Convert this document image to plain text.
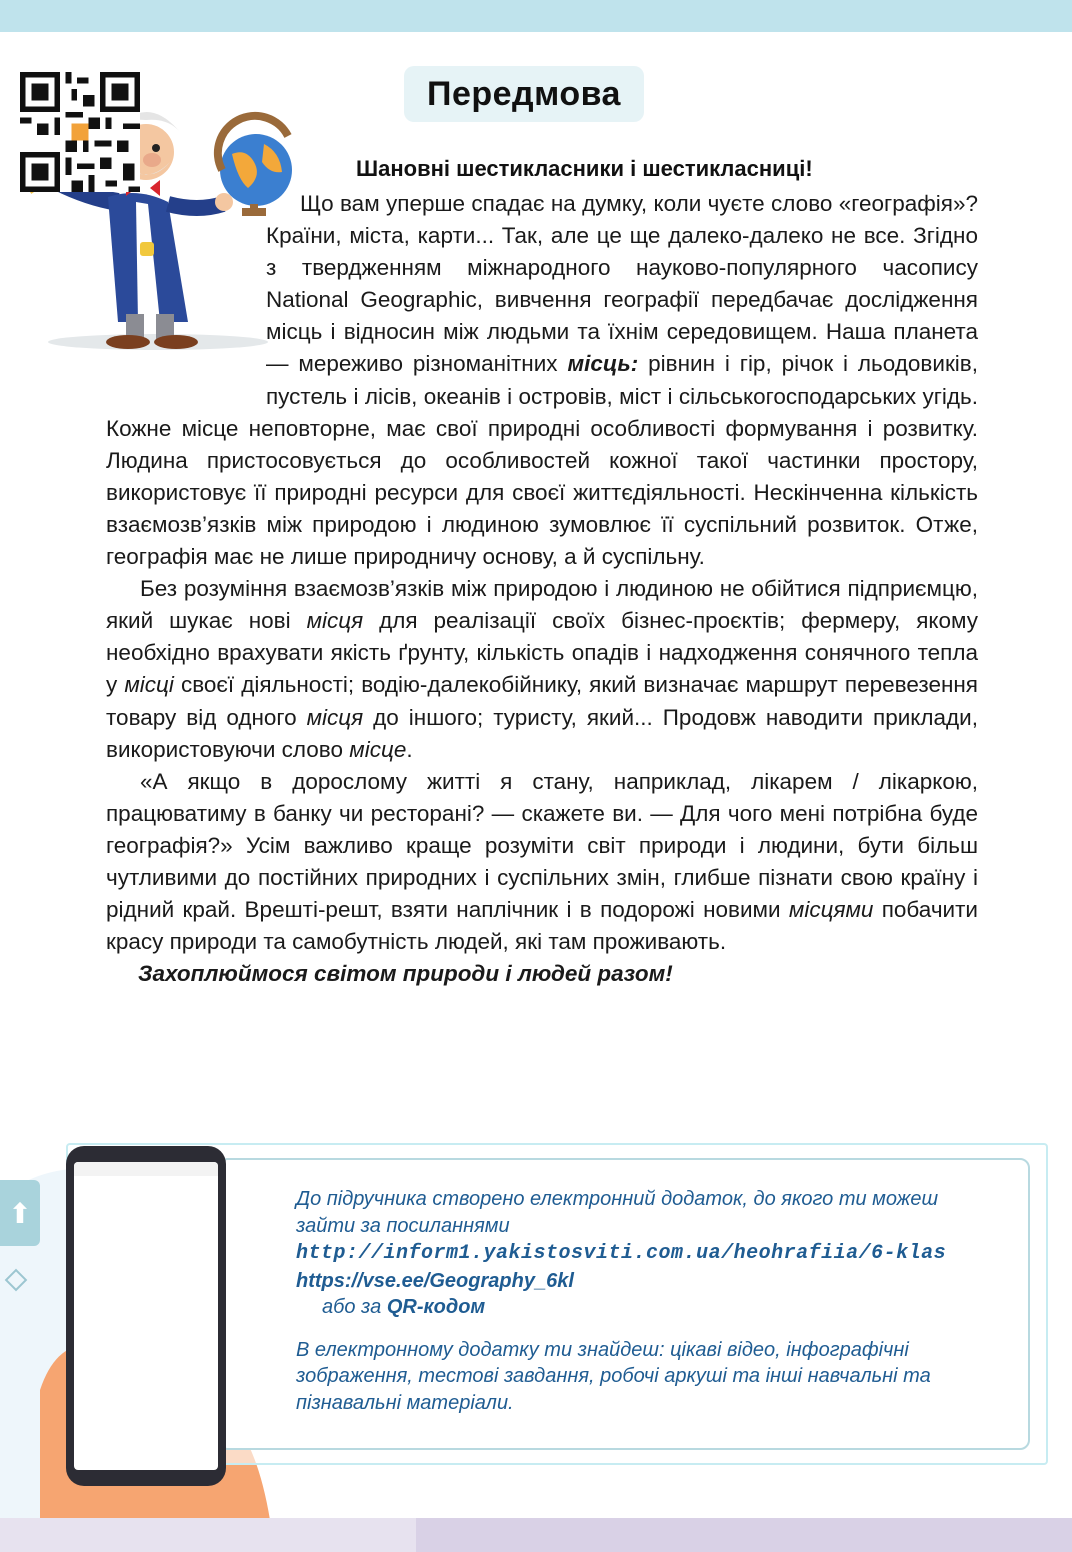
Передмова
Шановні шестикласники і шестикласниці!

Що вам уперше спадає на думку, коли чуєте слово «географія»? Країни, міста, карти... Так, але це ще далеко-далеко не все. Згідно з твердженням міжнародного науково-популярного часопису National Geographic, вивчення географії передбачає дослідження місць і відносин між людьми та їхнім середовищем. Наша планета — мереживо різноманітних місць: рівнин і гір, річок і льодовиків, пустель і лісів, океанів і островів, міст і сільськогосподарських угідь. Кожне місце неповторне, має свої природні особливості формування і розвитку. Людина пристосовується до особливостей кожної такої частинки простору, використовує її природні ресурси для своєї життєдіяльності. Нескінченна кількість взаємозв’язків між природою і людиною зумовлює її суспільний розвиток. Отже, географія має не лише природничу основу, а й суспільну.

Без розуміння взаємозв’язків між природою і людиною не обійтися підприємцю, який шукає нові місця для реалізації своїх бізнес-проєктів; фермеру, якому необхідно врахувати якість ґрунту, кількість опадів і надходження сонячного тепла у місці своєї діяльності; водію-далекобійнику, який визначає маршрут перевезення товару від одного місця до іншого; туристу, який... Продовж наводити приклади, використовуючи слово місце.

«А якщо в дорослому житті я стану, наприклад, лікарем / лікаркою, працюватиму в банку чи ресторані? — скажете ви. — Для чого мені потрібна буде географія?» Усім важливо краще розуміти світ природи і людини, бути більш чутливими до постійних природних і суспільних змін, глибше пізнати свою країну і рідний край. Врешті-решт, взяти наплічник і в подорожі новими місцями побачити красу природи та самобутність людей, які там проживають.

Захоплюймося світом природи і людей разом!

⬆	До підручника створено електронний додаток, до якого ти можеш зайти за посиланнями

http://inform1.yakistosviti.com.ua/heohrafiia/6-klas

https://vse.ee/Geography_6kl

або за QR-кодом

В електронному додатку ти знайдеш: цікаві відео, інфографічні зображення, тестові завдання, робочі аркуші та інші навчальні та пізнавальні матеріали.
